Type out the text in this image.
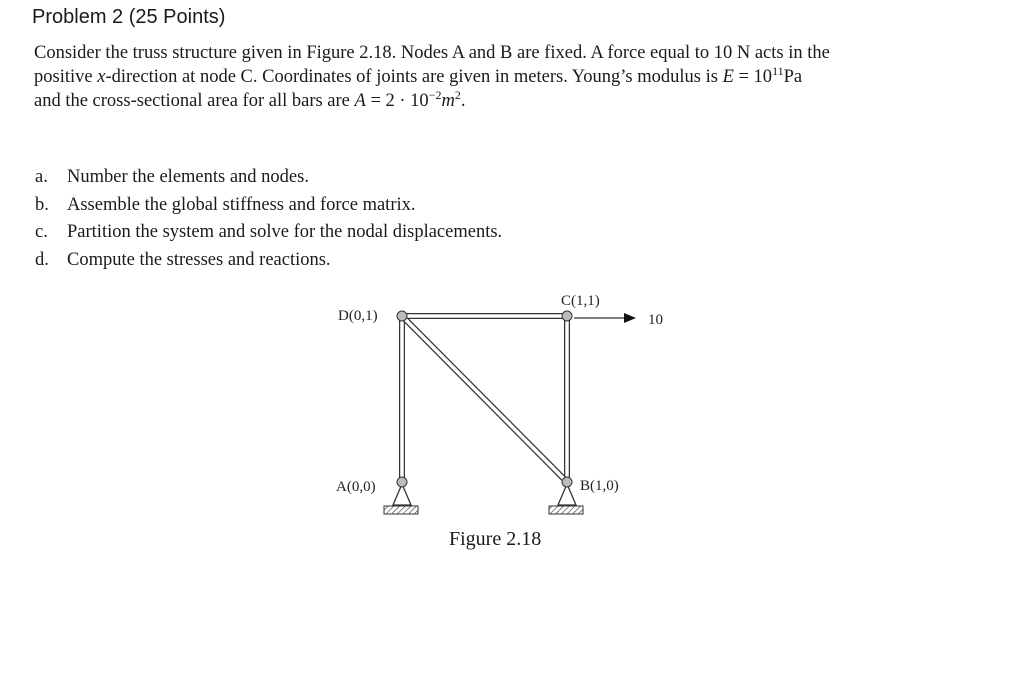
Problem 2 (25 Points)
Consider the truss structure given in Figure 2.18. Nodes A and B are fixed. A force equal to 10 N acts in the
positive x-direction at node C. Coordinates of joints are given in meters. Young’s modulus is $E = 10^{11}Pa$
and the cross-sectional area for all bars are $A = 2 \cdot 10^{-2}m^2$.
a. Number the elements and nodes.
b. Assemble the global stiffness and force matrix.
c. Partition the system and solve for the nodal displacements.
d. Compute the stresses and reactions.
D(0,1)
C(1,1)
10
A(0,0)	B(1,0)
Figure 2.18
